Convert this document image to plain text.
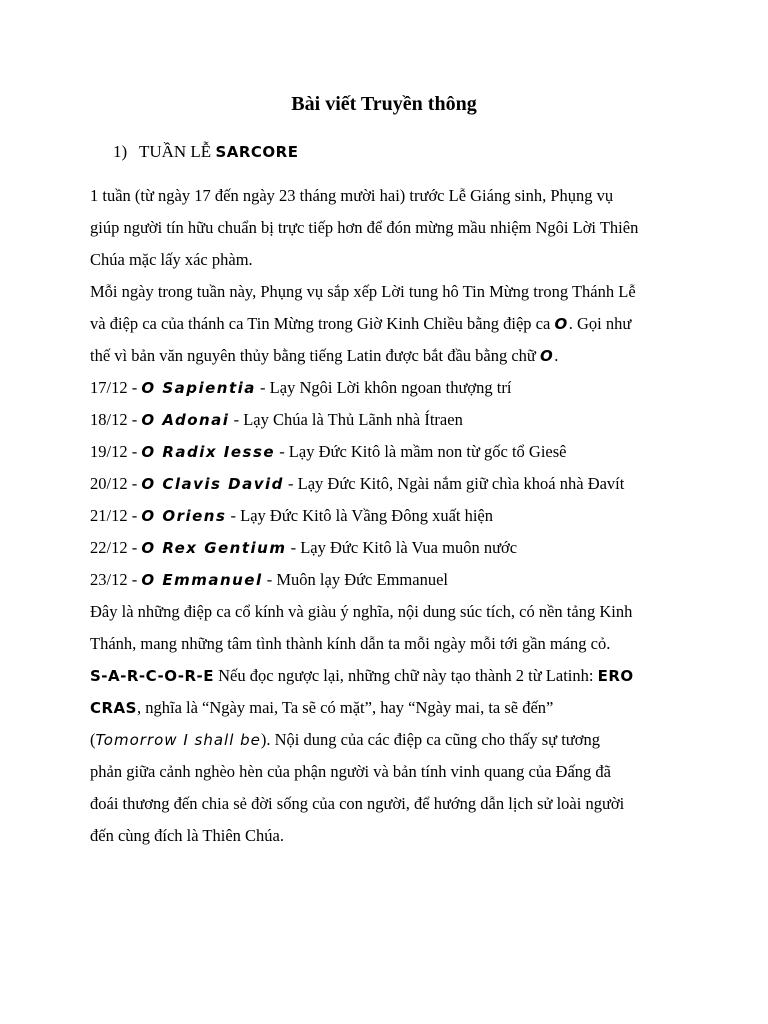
Bài viết Truyền thông
1) TUẦN LỄ SARCORE
1 tuần (từ ngày 17 đến ngày 23 tháng mười hai) trước Lễ Giáng sinh, Phụng vụ
giúp người tín hữu chuẩn bị trực tiếp hơn để đón mừng mầu nhiệm Ngôi Lời Thiên
Chúa mặc lấy xác phàm.
Mỗi ngày trong tuần này, Phụng vụ sắp xếp Lời tung hô Tin Mừng trong Thánh Lễ
và điệp ca của thánh ca Tin Mừng trong Giờ Kinh Chiều bằng điệp ca O. Gọi như
thế vì bản văn nguyên thủy bằng tiếng Latin được bắt đầu bằng chữ O.
17/12 - O Sapientia - Lạy Ngôi Lời khôn ngoan thượng trí
18/12 - O Adonai - Lạy Chúa là Thủ Lãnh nhà Ítraen
19/12 - O Radix Iesse - Lạy Đức Kitô là mầm non từ gốc tổ Giesê
20/12 - O Clavis David - Lạy Đức Kitô, Ngài nắm giữ chìa khoá nhà Đavít
21/12 - O Oriens - Lạy Đức Kitô là Vầng Đông xuất hiện
22/12 - O Rex Gentium - Lạy Đức Kitô là Vua muôn nước
23/12 - O Emmanuel - Muôn lạy Đức Emmanuel
Đây là những điệp ca cổ kính và giàu ý nghĩa, nội dung súc tích, có nền tảng Kinh
Thánh, mang những tâm tình thành kính dẫn ta mỗi ngày mỗi tới gần máng cỏ.
S-A-R-C-O-R-E Nếu đọc ngược lại, những chữ này tạo thành 2 từ Latinh: ERO
CRAS, nghĩa là “Ngày mai, Ta sẽ có mặt”, hay “Ngày mai, ta sẽ đến”
(Tomorrow I shall be). Nội dung của các điệp ca cũng cho thấy sự tương
phản giữa cảnh nghèo hèn của phận người và bản tính vinh quang của Đấng đã
đoái thương đến chia sẻ đời sống của con người, để hướng dẫn lịch sử loài người
đến cùng đích là Thiên Chúa.
